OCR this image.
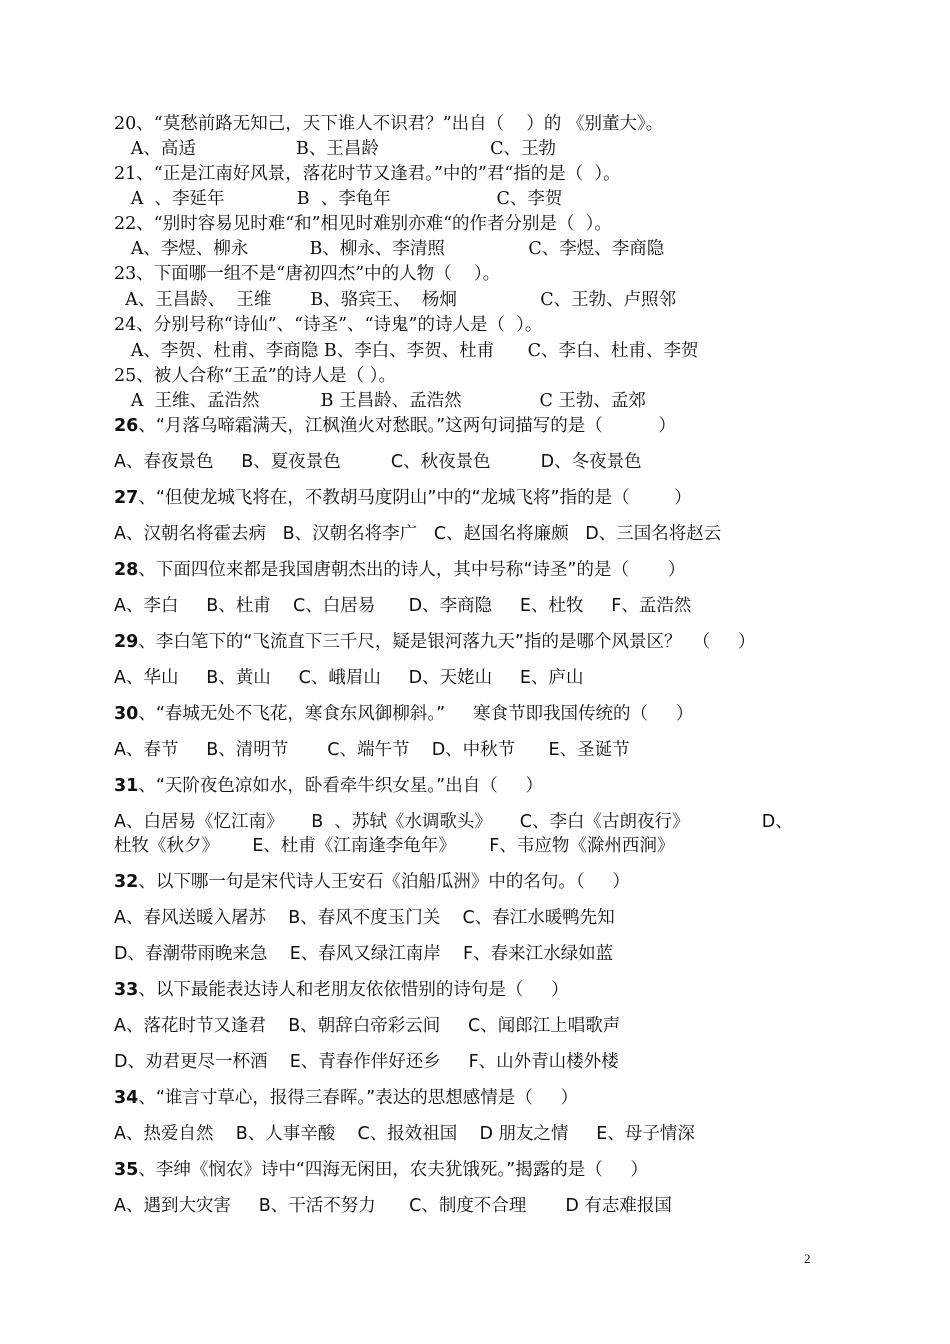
20、“莫愁前路无知己，天下谁人不识君？”出自（    ）的 《别董大》。
A、高适                  B、王昌龄                    C、王勃
21、“正是江南好风景，落花时节又逢君。”中的”君“指的是（  ）。
A  、李延年             B  、李龟年                   C、李贺
22、“别时容易见时难“和”相见时难别亦难“的作者分别是（  ）。
A、李煜、柳永           B、柳永、李清照               C、李煜、李商隐
23、下面哪一组不是“唐初四杰”中的人物（    ）。
A、王昌龄、  王维       B、骆宾王、  杨炯               C、王勃、卢照邻
24、分别号称“诗仙”、“诗圣”、“诗鬼”的诗人是（  ）。
A、李贺、杜甫、李商隐 B、李白、李贺、杜甫      C、李白、杜甫、李贺
25、被人合称“王孟”的诗人是（ ）。
A  王维、孟浩然           B 王昌龄、孟浩然              C 王勃、孟郊
26、“月落乌啼霜满天，江枫渔火对愁眠。”这两句词描写的是（          ）
A、春夜景色     B、夏夜景色         C、秋夜景色         D、冬夜景色
27、“但使龙城飞将在，不教胡马度阴山”中的“龙城飞将”指的是（        ）
A、汉朝名将霍去病   B、汉朝名将李广   C、赵国名将廉颇   D、三国名将赵云
28、下面四位来都是我国唐朝杰出的诗人，其中号称“诗圣”的是（       ）
A、李白     B、杜甫    C、白居易      D、李商隐     E、杜牧     F、孟浩然
29、李白笔下的“飞流直下三千尺，疑是银河落九天”指的是哪个风景区？  （     ）
A、华山     B、黄山     C、峨眉山     D、天姥山     E、庐山
30、“春城无处不飞花，寒食东风御柳斜。”     寒食节即我国传统的（     ）
A、春节     B、清明节       C、端午节    D、中秋节      E、圣诞节
31、“天阶夜色凉如水，卧看牵牛织女星。”出自（     ）
A、白居易《忆江南》     B  、苏轼《水调歌头》     C、李白《古朗夜行》             D、
杜牧《秋夕》      E、杜甫《江南逢李龟年》      F、韦应物《滁州西涧》
32、以下哪一句是宋代诗人王安石《泊船瓜洲》中的名句。（     ）
A、春风送暖入屠苏    B、春风不度玉门关    C、春江水暖鸭先知
D、春潮带雨晚来急    E、春风又绿江南岸    F、春来江水绿如蓝
33、以下最能表达诗人和老朋友依依惜别的诗句是（     ）
A、落花时节又逢君    B、朝辞白帝彩云间     C、闻郎江上唱歌声
D、劝君更尽一杯酒    E、青春作伴好还乡     F、山外青山楼外楼
34、“谁言寸草心，报得三春晖。”表达的思想感情是（     ）
A、热爱自然    B、人事辛酸    C、报效祖国    D 朋友之情     E、母子情深
35、李绅《悯农》诗中“四海无闲田，农夫犹饿死。”揭露的是（     ）
A、遇到大灾害     B、干活不努力      C、制度不合理       D 有志难报国
2
